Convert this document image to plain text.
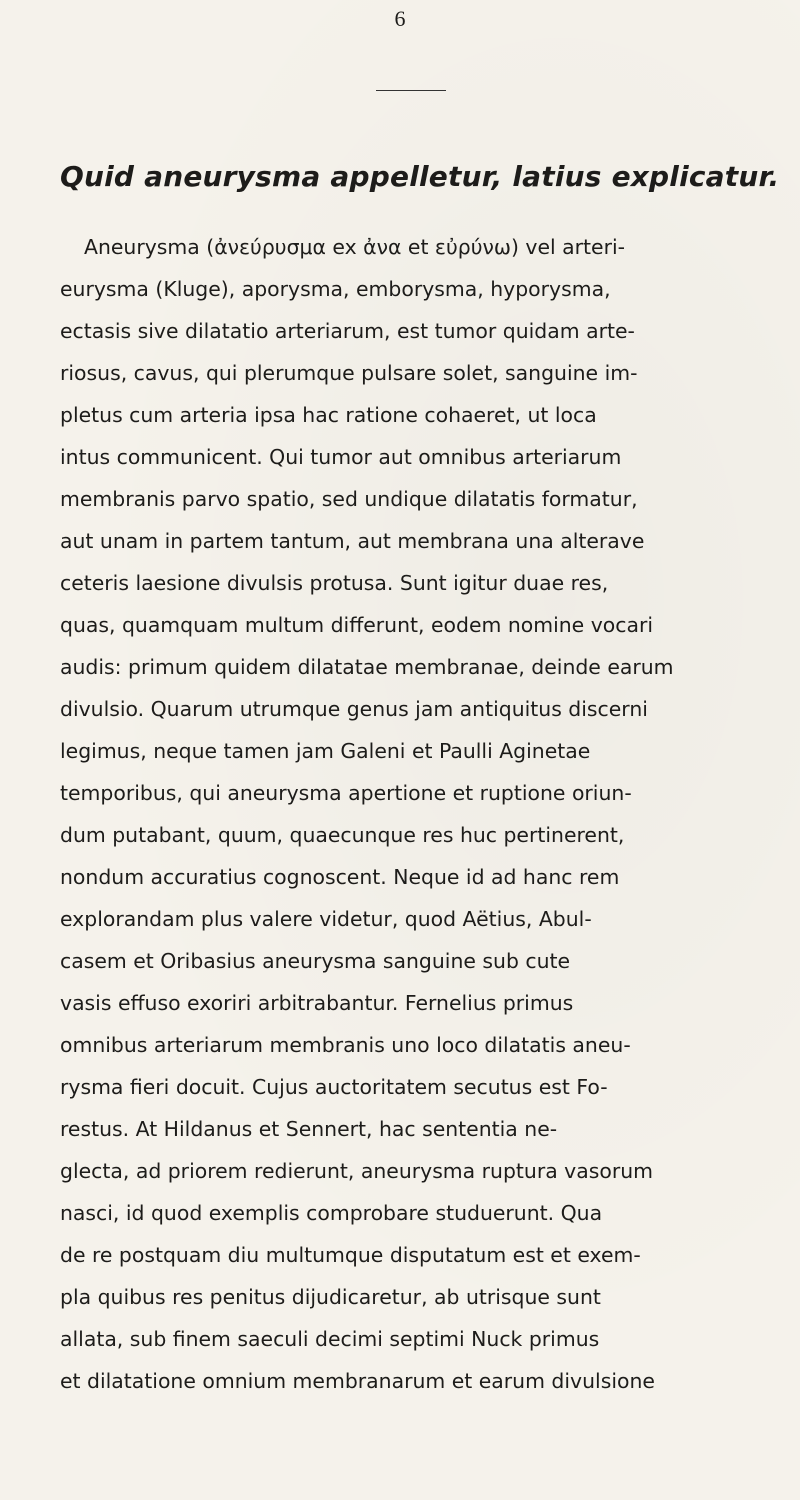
6
Quid aneurysma appelletur, latius explicatur.
Aneurysma (ἀνεύρυσμα ex ἀνα et εὐρύνω) vel arteri-
eurysma (Kluge), aporysma, emborysma, hyporysma,
ectasis sive dilatatio arteriarum, est tumor quidam arte-
riosus, cavus, qui plerumque pulsare solet, sanguine im-
pletus cum arteria ipsa hac ratione cohaeret, ut loca
intus communicent. Qui tumor aut omnibus arteriarum
membranis parvo spatio, sed undique dilatatis formatur,
aut unam in partem tantum, aut membrana una alterave
ceteris laesione divulsis protusa. Sunt igitur duae res,
quas, quamquam multum differunt, eodem nomine vocari
audis: primum quidem dilatatae membranae, deinde earum
divulsio. Quarum utrumque genus jam antiquitus discerni
legimus, neque tamen jam Galeni et Paulli Aginetae
temporibus, qui aneurysma apertione et ruptione oriun-
dum putabant, quum, quaecunque res huc pertinerent,
nondum accuratius cognoscent. Neque id ad hanc rem
explorandam plus valere videtur, quod Aëtius, Abul-
casem et Oribasius aneurysma sanguine sub cute
vasis effuso exoriri arbitrabantur. Fernelius primus
omnibus arteriarum membranis uno loco dilatatis aneu-
rysma fieri docuit. Cujus auctoritatem secutus est Fo-
restus. At Hildanus et Sennert, hac sententia ne-
glecta, ad priorem redierunt, aneurysma ruptura vasorum
nasci, id quod exemplis comprobare studuerunt. Qua
de re postquam diu multumque disputatum est et exem-
pla quibus res penitus dijudicaretur, ab utrisque sunt
allata, sub finem saeculi decimi septimi Nuck primus
et dilatatione omnium membranarum et earum divulsione
